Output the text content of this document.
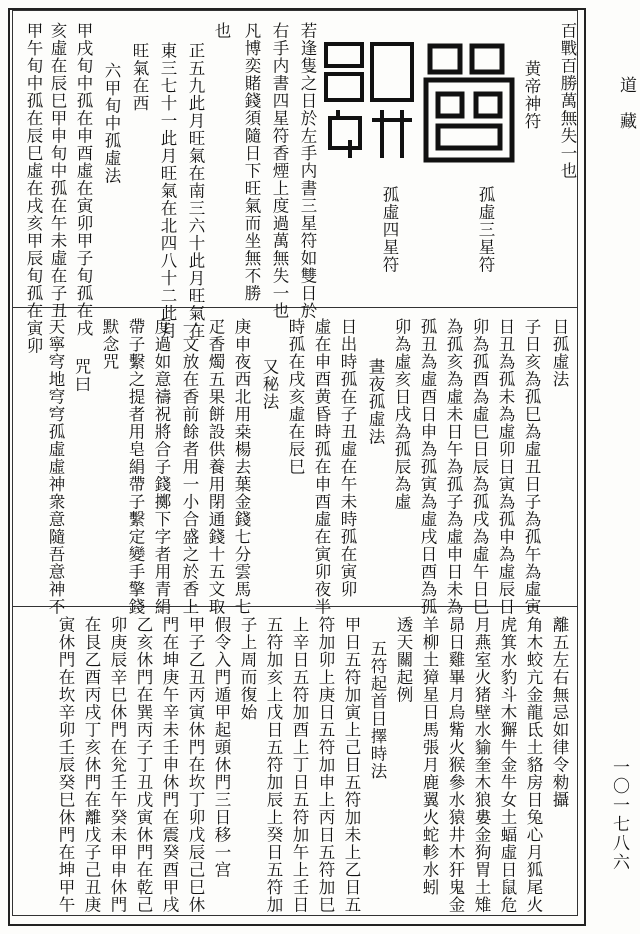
道
藏
一〇一七八六
百戰百勝萬無失一也
黄帝神符
孤虛三星符
孤虛四星符
若逢隻之日於左手内書三星符如雙日於
右手内書四星符香煙上度過萬無失一也
凡博奕賭錢須隨日下旺氣而坐無不勝
也
正五九此月旺氣在南三六十此月旺氣在
東三七十一此月旺氣在北四八十二此月
旺氣在西
六甲旬中孤虛法
甲戌旬中孤在申酉虛在寅卯甲子旬孤在戌
亥虛在辰巳甲申旬中孤在午未虛在子丑
甲午旬中孤在辰巳虛在戌亥甲辰旬孤在寅卯	日孤虛法
子日亥為孤巳為虛丑日子為孤午為虛寅
日丑為孤未為虛卯日寅為孤申為虛辰日
卯為孤酉為虛巳日辰為孤戌為虛午日巳
為孤亥為虛未日午為孤子為虛申日未為
孤丑為虛酉日申為孤寅為虛戌日酉為孤
卯為虛亥日戌為孤辰為虛
晝夜孤虛法
日出時孤在子丑虛在午未時孤在寅卯
虛在申酉黄昏時孤在申酉虛在寅卯夜半
時孤在戌亥虛在辰巳
又秘法
庚申夜西北用桒楊去葉金錢七分雲馬七
疋香燭五果餅設供養用閉通錢十五文取
一文放在香前餘者用一小合盛之於香上
度過如意禱祝將合子錢擲下字者用青絹
帶子繫之提者用皂絹帶子繫定變手擎錢
默念咒
咒曰
天寧穹地穹穹孤虛虛神衆意隨吾意神不
離五左右無忌如律令勑攝
角木蛟亢金龍氐土貉房日兔心月狐尾火
虎箕水豹斗木獬牛金牛女土蝠虛日鼠危
月燕室火猪壁水貐奎木狼婁金狗胃土雉
昴日雞畢月烏觜火猴參水猿井木犴鬼金
羊柳土獐星日馬張月鹿翼火蛇軫水蚓
透天關起例
五符起首日擇時法
甲日五符加寅上己日五符加未上乙日五
符加卯上庚日五符加申上丙日五符加巳
上辛日五符加酉上丁日五符加午上壬日
五符加亥上戊日五符加辰上癸日五符加
子上周而復始
假令入門遁甲起頭休門三日移一宫
甲子乙丑丙寅休門在坎丁卯戊辰己巳休
門在坤庚午辛未壬申休門在震癸酉甲戌
乙亥休門在巽丙子丁丑戊寅休門在乾己
卯庚辰辛巳休門在兊壬午癸未甲申休門
在艮乙酉丙戌丁亥休門在離戊子己丑庚
寅休門在坎辛卯壬辰癸巳休門在坤甲午
